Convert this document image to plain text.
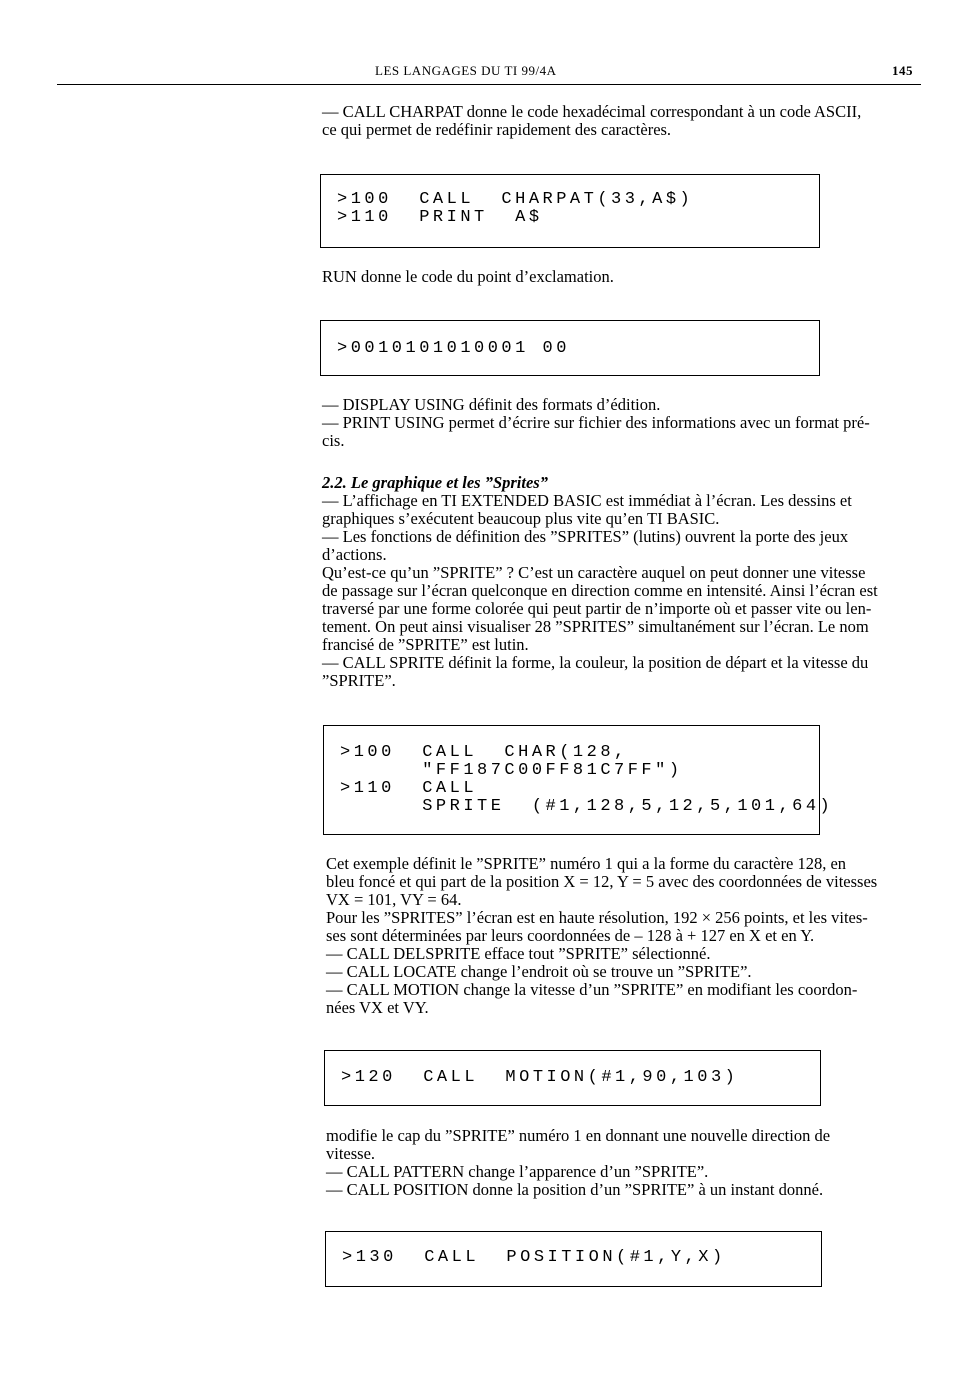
LES LANGAGES DU TI 99/4A	145
— CALL CHARPAT donne le code hexadécimal correspondant à un code ASCII,
ce qui permet de redéfinir rapidement des caractères.
>100  CALL  CHARPAT(33,A$)
>110  PRINT  A$
RUN donne le code du point d’exclamation.
>0010101010001 00
— DISPLAY USING définit des formats d’édition.
— PRINT USING permet d’écrire sur fichier des informations avec un format pré-
cis.
2.2. Le graphique et les ”Sprites”
— L’affichage en TI EXTENDED BASIC est immédiat à l’écran. Les dessins et
graphiques s’exécutent beaucoup plus vite qu’en TI BASIC.
— Les fonctions de définition des ”SPRITES” (lutins) ouvrent la porte des jeux
d’actions.
Qu’est-ce qu’un ”SPRITE” ? C’est un caractère auquel on peut donner une vitesse
de passage sur l’écran quelconque en direction comme en intensité. Ainsi l’écran est
traversé par une forme colorée qui peut partir de n’importe où et passer vite ou len-
tement. On peut ainsi visualiser 28 ”SPRITES” simultanément sur l’écran. Le nom
francisé de ”SPRITE” est lutin.
— CALL SPRITE définit la forme, la couleur, la position de départ et la vitesse du
”SPRITE”.
>100  CALL  CHAR(128,
"FF187C00FF81C7FF")
>110  CALL
SPRITE  (#1,128,5,12,5,101,64)
Cet exemple définit le ”SPRITE” numéro 1 qui a la forme du caractère 128, en
bleu foncé et qui part de la position X = 12, Y = 5 avec des coordonnées de vitesses
VX = 101, VY = 64.
Pour les ”SPRITES” l’écran est en haute résolution, 192 × 256 points, et les vites-
ses sont déterminées par leurs coordonnées de – 128 à + 127 en X et en Y.
— CALL DELSPRITE efface tout ”SPRITE” sélectionné.
— CALL LOCATE change l’endroit où se trouve un ”SPRITE”.
— CALL MOTION change la vitesse d’un ”SPRITE” en modifiant les coordon-
nées VX et VY.
>120  CALL  MOTION(#1,90,103)
modifie le cap du ”SPRITE” numéro 1 en donnant une nouvelle direction de
vitesse.
— CALL PATTERN change l’apparence d’un ”SPRITE”.
— CALL POSITION donne la position d’un ”SPRITE” à un instant donné.
>130  CALL  POSITION(#1,Y,X)
